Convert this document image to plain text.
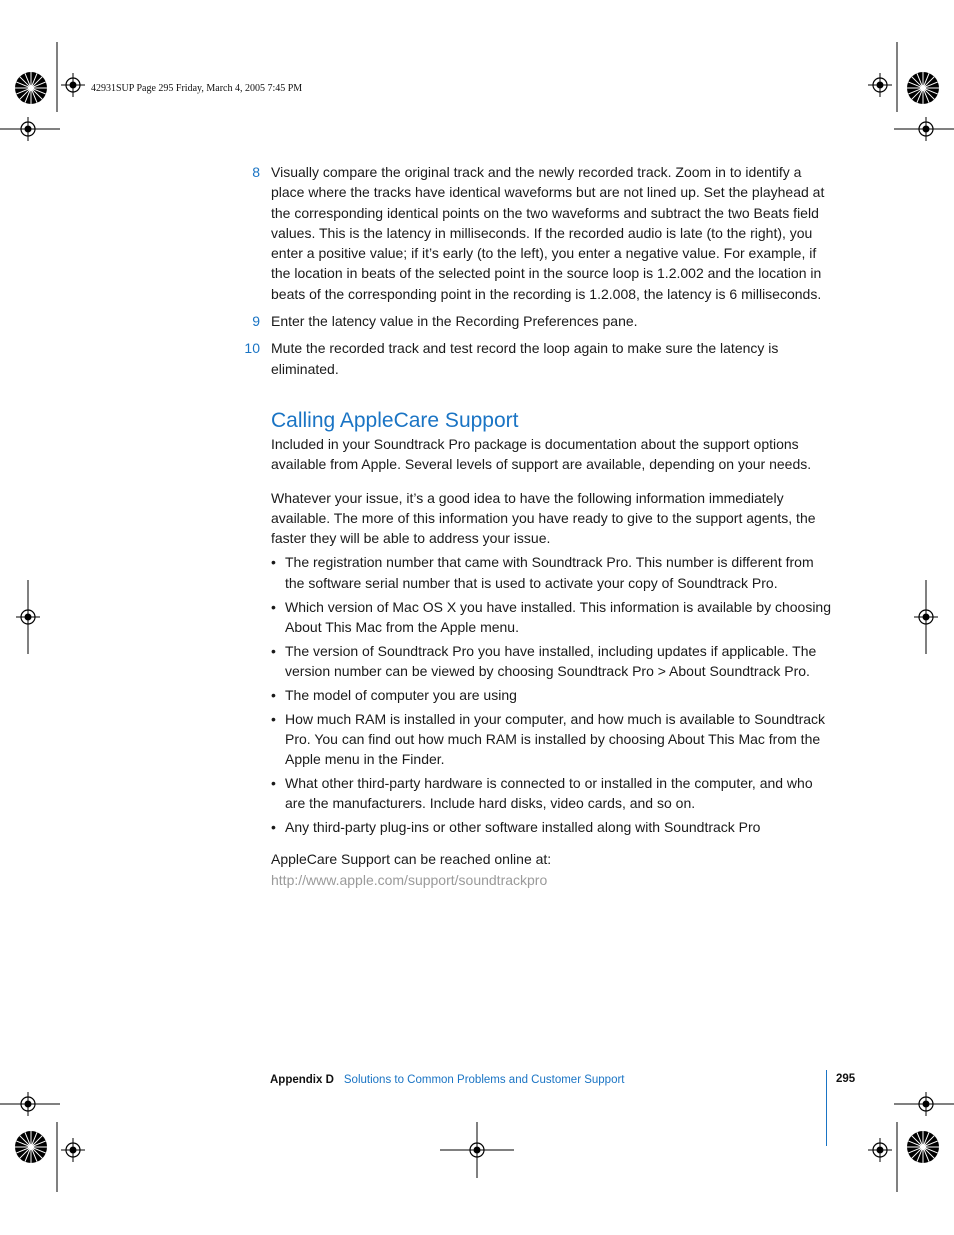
42931SUP Page 295 Friday, March 4, 2005 7:45 PM
8 Visually compare the original track and the newly recorded track. Zoom in to identify a place where the tracks have identical waveforms but are not lined up. Set the playhead at the corresponding identical points on the two waveforms and subtract the two Beats field values. This is the latency in milliseconds. If the recorded audio is late (to the right), you enter a positive value; if it’s early (to the left), you enter a negative value. For example, if the location in beats of the selected point in the source loop is 1.2.002 and the location in beats of the corresponding point in the recording is 1.2.008, the latency is 6 milliseconds.

9 Enter the latency value in the Recording Preferences pane.

10 Mute the recorded track and test record the loop again to make sure the latency is eliminated.

Calling AppleCare Support

Included in your Soundtrack Pro package is documentation about the support options available from Apple. Several levels of support are available, depending on your needs.

Whatever your issue, it’s a good idea to have the following information immediately available. The more of this information you have ready to give to the support agents, the faster they will be able to address your issue.

• The registration number that came with Soundtrack Pro. This number is different from the software serial number that is used to activate your copy of Soundtrack Pro.
• Which version of Mac OS X you have installed. This information is available by choosing About This Mac from the Apple menu.
• The version of Soundtrack Pro you have installed, including updates if applicable. The version number can be viewed by choosing Soundtrack Pro > About Soundtrack Pro.
• The model of computer you are using
• How much RAM is installed in your computer, and how much is available to Soundtrack Pro. You can find out how much RAM is installed by choosing About This Mac from the Apple menu in the Finder.
• What other third-party hardware is connected to or installed in the computer, and who are the manufacturers. Include hard disks, video cards, and so on.
• Any third-party plug-ins or other software installed along with Soundtrack Pro

AppleCare Support can be reached online at:

http://www.apple.com/support/soundtrackpro
Appendix D Solutions to Common Problems and Customer Support	295
